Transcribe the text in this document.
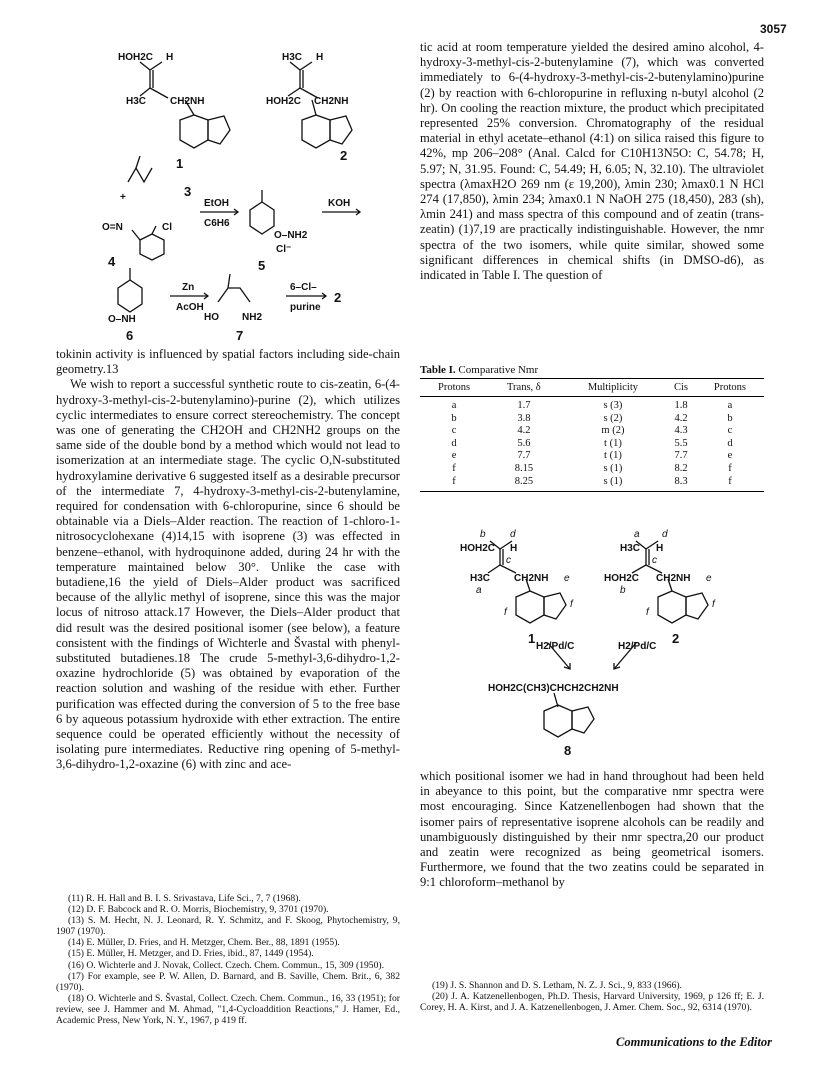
3057
HOH2C H
H3C CH2NH
1
H3C H
HOH2C CH2NH
2
+	3
O=N	Cl
4
EtOH
C6H6
O–NH2
Cl⁻
5
KOH
O–NH
6
Zn
AcOH
HO NH2
7
6–Cl–
purine
2

tokinin activity is influenced by spatial factors including side-chain geometry.13

We wish to report a successful synthetic route to cis-zeatin, 6-(4-hydroxy-3-methyl-cis-2-butenylamino)-purine (2), which utilizes cyclic intermediates to ensure correct stereochemistry. The concept was one of generating the CH2OH and CH2NH2 groups on the same side of the double bond by a method which would not lead to isomerization at an intermediate stage. The cyclic O,N-substituted hydroxylamine derivative 6 suggested itself as a desirable precursor of the intermediate 7, 4-hydroxy-3-methyl-cis-2-butenylamine, required for condensation with 6-chloropurine, since 6 should be obtainable via a Diels–Alder reaction. The reaction of 1-chloro-1-nitrosocyclohexane (4)14,15 with isoprene (3) was effected in benzene–ethanol, with hydroquinone added, during 24 hr with the temperature maintained below 30°. Unlike the case with butadiene,16 the yield of Diels–Alder product was sacrificed because of the allylic methyl of isoprene, since this was the major locus of nitroso attack.17 However, the Diels–Alder product that did result was the desired positional isomer (see below), a feature consistent with the findings of Wichterle and Švastal with phenyl-substituted butadienes.18 The crude 5-methyl-3,6-dihydro-1,2-oxazine hydrochloride (5) was obtained by evaporation of the reaction solution and washing of the residue with ether. Further purification was effected during the conversion of 5 to the free base 6 by aqueous potassium hydroxide with ether extraction. The entire sequence could be operated efficiently without the necessity of isolating pure intermediates. Reductive ring opening of 5-methyl-3,6-dihydro-1,2-oxazine (6) with zinc and ace-

(11) R. H. Hall and B. I. S. Srivastava, Life Sci., 7, 7 (1968).
(12) D. F. Babcock and R. O. Morris, Biochemistry, 9, 3701 (1970).
(13) S. M. Hecht, N. J. Leonard, R. Y. Schmitz, and F. Skoog, Phytochemistry, 9, 1907 (1970).
(14) E. Müller, D. Fries, and H. Metzger, Chem. Ber., 88, 1891 (1955).
(15) E. Müller, H. Metzger, and D. Fries, ibid., 87, 1449 (1954).
(16) O. Wichterle and J. Novak, Collect. Czech. Chem. Commun., 15, 309 (1950).
(17) For example, see P. W. Allen, D. Barnard, and B. Saville, Chem. Brit., 6, 382 (1970).
(18) O. Wichterle and S. Švastal, Collect. Czech. Chem. Commun., 16, 33 (1951); for review, see J. Hammer and M. Ahmad, "1,4-Cycloaddition Reactions," J. Hamer, Ed., Academic Press, New York, N. Y., 1967, p 419 ff.

tic acid at room temperature yielded the desired amino alcohol, 4-hydroxy-3-methyl-cis-2-butenylamine (7), which was converted immediately to 6-(4-hydroxy-3-methyl-cis-2-butenylamino)purine (2) by reaction with 6-chloropurine in refluxing n-butyl alcohol (2 hr). On cooling the reaction mixture, the product which precipitated represented 25% conversion. Chromatography of the residual material in ethyl acetate–ethanol (4:1) on silica raised this figure to 42%, mp 206–208° (Anal. Calcd for C10H13N5O: C, 54.78; H, 5.97; N, 31.95. Found: C, 54.49; H, 6.05; N, 32.10). The ultraviolet spectra (λmaxH2O 269 nm (ε 19,200), λmin 230; λmax0.1 N HCl 274 (17,850), λmin 234; λmax0.1 N NaOH 275 (18,450), 283 (sh), λmin 241) and mass spectra of this compound and of zeatin (trans-zeatin) (1)7,19 are practically indistinguishable. However, the nmr spectra of the two isomers, while quite similar, showed some significant differences in chemical shifts (in DMSO-d6), as indicated in Table I. The question of

Table I. Comparative Nmr
Protons	Trans, δ	Multiplicity	Cis	Protons
a	1.7	s (3)	1.8	a
b	3.8	s (2)	4.2	b
c	4.2	m (2)	4.3	c
d	5.6	t (1)	5.5	d
e	7.7	t (1)	7.7	e
f	8.15	s (1)	8.2	f
f	8.25	s (1)	8.3	f
b d
HOH2C H
c
H3C CH2NH e
a
f
f
1
a d
H3C H
c
HOH2C CH2NH e
b
f
f
2
H2/Pd/C	H2/Pd/C
HOH2C(CH3)CHCH2CH2NH
8

which positional isomer we had in hand throughout had been held in abeyance to this point, but the comparative nmr spectra were most encouraging. Since Katzenellenbogen had shown that the isomer pairs of representative isoprene alcohols can be readily and unambiguously distinguished by their nmr spectra,20 our product and zeatin were recognized as being geometrical isomers. Furthermore, we found that the two zeatins could be separated in 9:1 chloroform–methanol by

(19) J. S. Shannon and D. S. Letham, N. Z. J. Sci., 9, 833 (1966).
(20) J. A. Katzenellenbogen, Ph.D. Thesis, Harvard University, 1969, p 126 ff; E. J. Corey, H. A. Kirst, and J. A. Katzenellenbogen, J. Amer. Chem. Soc., 92, 6314 (1970).
Communications to the Editor
